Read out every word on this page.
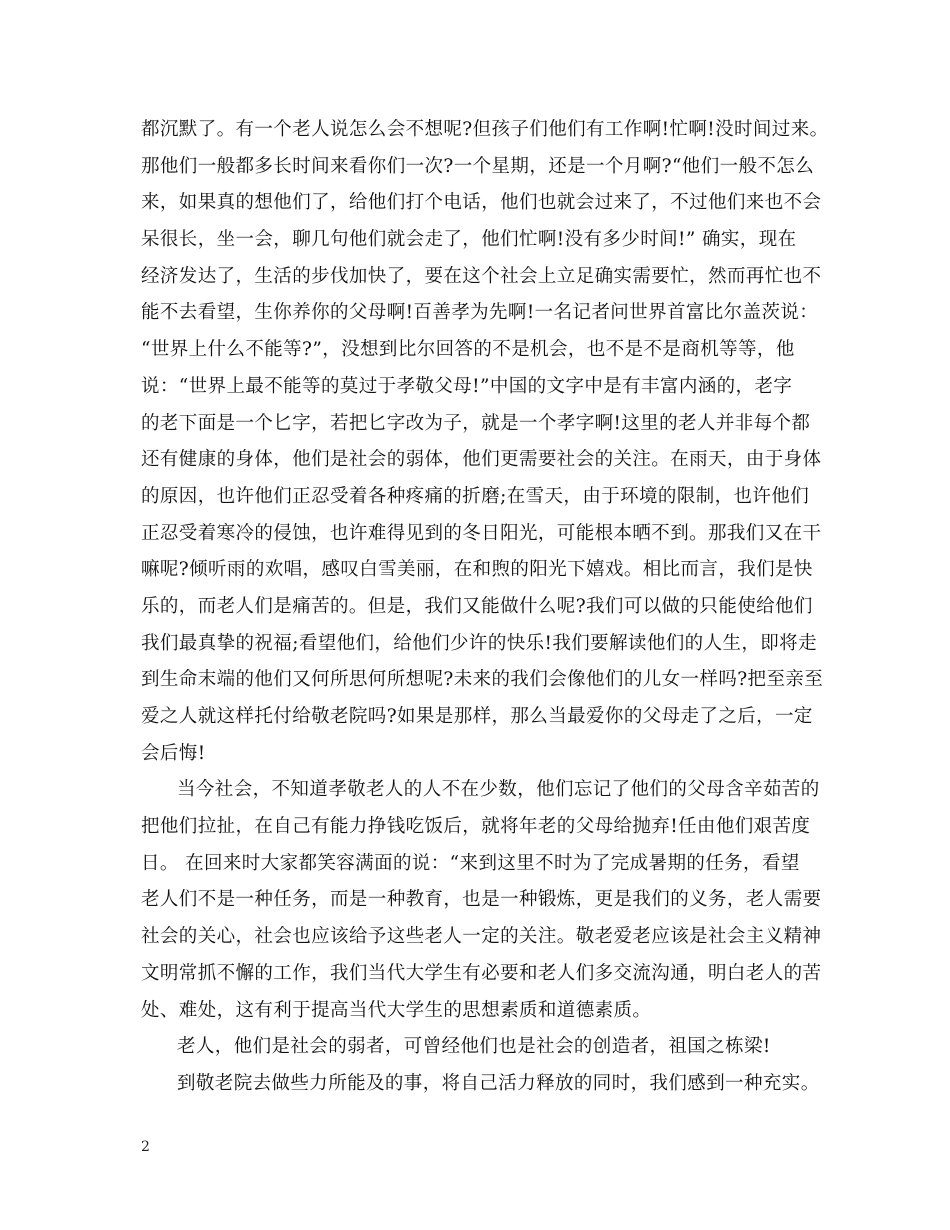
都沉默了。有一个老人说怎么会不想呢?但孩子们他们有工作啊!忙啊!没时间过来。
那他们一般都多长时间来看你们一次?一个星期，还是一个月啊?“他们一般不怎么
来，如果真的想他们了，给他们打个电话，他们也就会过来了，不过他们来也不会
呆很长，坐一会，聊几句他们就会走了，他们忙啊!没有多少时间!” 确实，现在
经济发达了，生活的步伐加快了，要在这个社会上立足确实需要忙，然而再忙也不
能不去看望，生你养你的父母啊!百善孝为先啊!一名记者问世界首富比尔盖茨说：
“世界上什么不能等?”，没想到比尔回答的不是机会，也不是不是商机等等，他
说：“世界上最不能等的莫过于孝敬父母!”中国的文字中是有丰富内涵的，老字
的老下面是一个匕字，若把匕字改为子，就是一个孝字啊!这里的老人并非每个都
还有健康的身体，他们是社会的弱体，他们更需要社会的关注。在雨天，由于身体
的原因，也许他们正忍受着各种疼痛的折磨;在雪天，由于环境的限制，也许他们
正忍受着寒冷的侵蚀，也许难得见到的冬日阳光，可能根本晒不到。那我们又在干
嘛呢?倾听雨的欢唱，感叹白雪美丽，在和煦的阳光下嬉戏。相比而言，我们是快
乐的，而老人们是痛苦的。但是，我们又能做什么呢?我们可以做的只能使给他们
我们最真挚的祝福;看望他们，给他们少许的快乐!我们要解读他们的人生，即将走
到生命末端的他们又何所思何所想呢?未来的我们会像他们的儿女一样吗?把至亲至
爱之人就这样托付给敬老院吗?如果是那样，那么当最爱你的父母走了之后，一定
会后悔!
当今社会，不知道孝敬老人的人不在少数，他们忘记了他们的父母含辛茹苦的
把他们拉扯，在自己有能力挣钱吃饭后，就将年老的父母给抛弃!任由他们艰苦度
日。 在回来时大家都笑容满面的说：“来到这里不时为了完成暑期的任务，看望
老人们不是一种任务，而是一种教育，也是一种锻炼，更是我们的义务，老人需要
社会的关心，社会也应该给予这些老人一定的关注。敬老爱老应该是社会主义精神
文明常抓不懈的工作，我们当代大学生有必要和老人们多交流沟通，明白老人的苦
处、难处，这有利于提高当代大学生的思想素质和道德素质。
老人，他们是社会的弱者，可曾经他们也是社会的创造者，祖国之栋梁!
到敬老院去做些力所能及的事，将自己活力释放的同时，我们感到一种充实。
2
